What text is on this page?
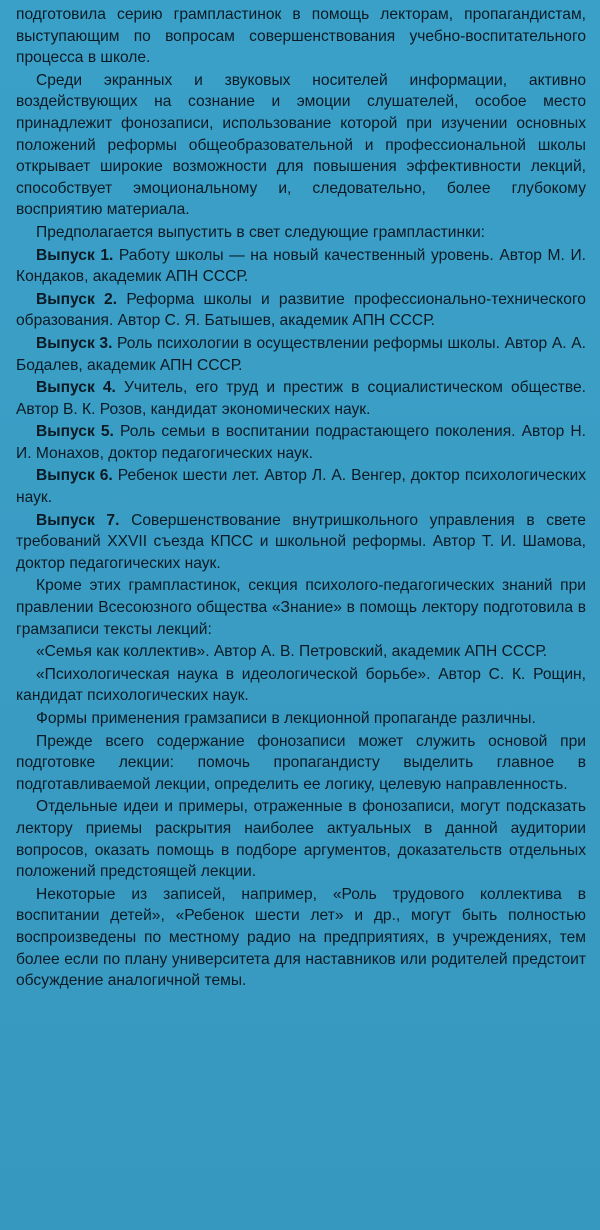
подготовила серию грампластинок в помощь лекторам, пропагандистам, выступающим по вопросам совершенствования учебно-воспитательного процесса в школе.

Среди экранных и звуковых носителей информации, активно воздействующих на сознание и эмоции слушателей, особое место принадлежит фонозаписи, использование которой при изучении основных положений реформы общеобразовательной и профессиональной школы открывает широкие возможности для повышения эффективности лекций, способствует эмоциональному и, следовательно, более глубокому восприятию материала.

Предполагается выпустить в свет следующие грампластинки:

Выпуск 1. Работу школы — на новый качественный уровень. Автор М. И. Кондаков, академик АПН СССР.

Выпуск 2. Реформа школы и развитие профессионально-технического образования. Автор С. Я. Батышев, академик АПН СССР.

Выпуск 3. Роль психологии в осуществлении реформы школы. Автор А. А. Бодалев, академик АПН СССР.

Выпуск 4. Учитель, его труд и престиж в социалистическом обществе. Автор В. К. Розов, кандидат экономических наук.

Выпуск 5. Роль семьи в воспитании подрастающего поколения. Автор Н. И. Монахов, доктор педагогических наук.

Выпуск 6. Ребенок шести лет. Автор Л. А. Венгер, доктор психологических наук.

Выпуск 7. Совершенствование внутришкольного управления в свете требований XXVII съезда КПСС и школьной реформы. Автор Т. И. Шамова, доктор педагогических наук.

Кроме этих грампластинок, секция психолого-педагогических знаний при правлении Всесоюзного общества «Знание» в помощь лектору подготовила в грамзаписи тексты лекций:

«Семья как коллектив». Автор А. В. Петровский, академик АПН СССР.

«Психологическая наука в идеологической борьбе». Автор С. К. Рощин, кандидат психологических наук.

Формы применения грамзаписи в лекционной пропаганде различны.

Прежде всего содержание фонозаписи может служить основой при подготовке лекции: помочь пропагандисту выделить главное в подготавливаемой лекции, определить ее логику, целевую направленность.

Отдельные идеи и примеры, отраженные в фонозаписи, могут подсказать лектору приемы раскрытия наиболее актуальных в данной аудитории вопросов, оказать помощь в подборе аргументов, доказательств отдельных положений предстоящей лекции.

Некоторые из записей, например, «Роль трудового коллектива в воспитании детей», «Ребенок шести лет» и др., могут быть полностью воспроизведены по местному радио на предприятиях, в учреждениях, тем более если по плану университета для наставников или родителей предстоит обсуждение аналогичной темы.
